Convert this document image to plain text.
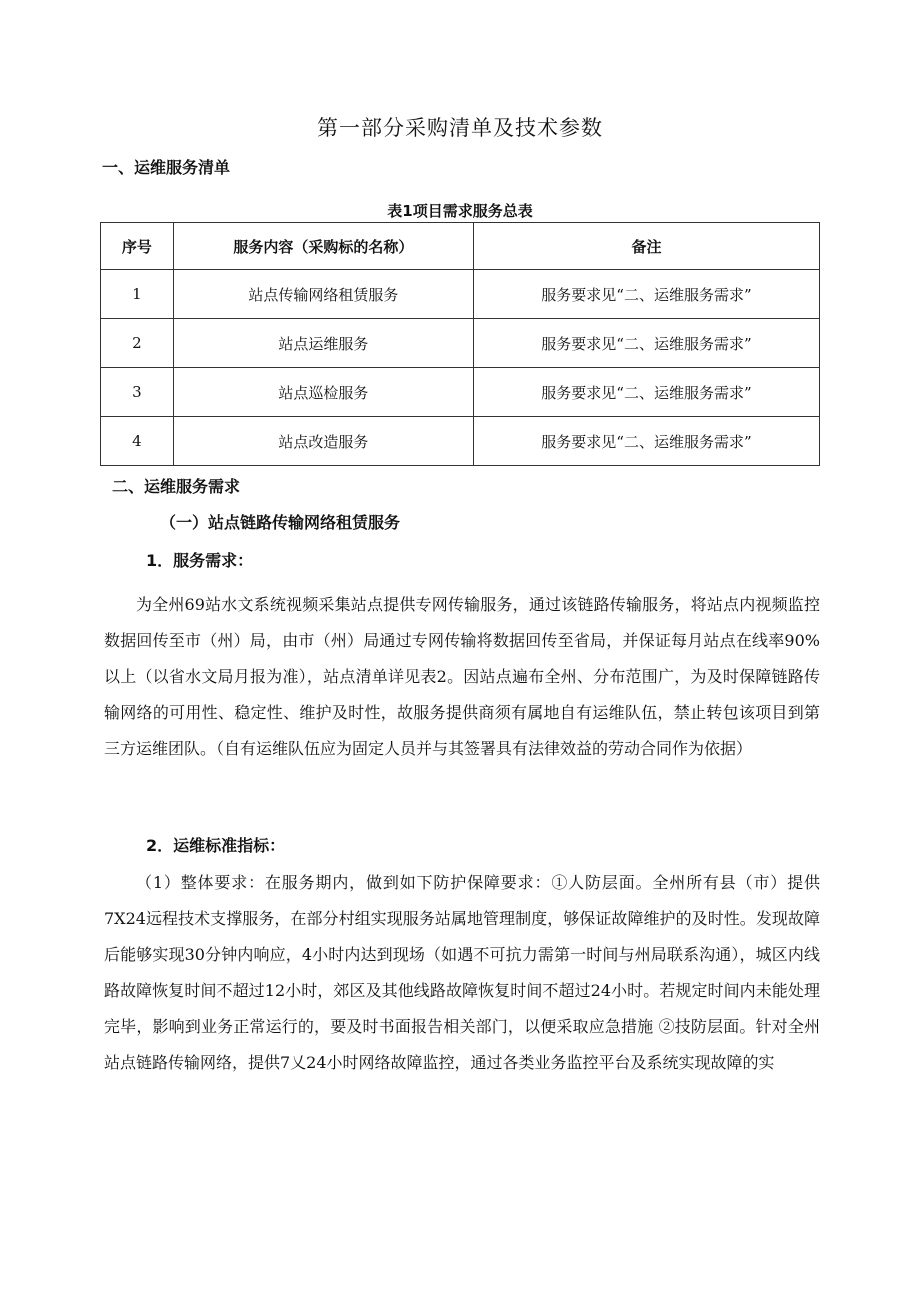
第一部分采购清单及技术参数
一、运维服务清单
表1项目需求服务总表
序号	服务内容（采购标的名称）	备注
1	站点传输网络租赁服务	服务要求见“二、运维服务需求”
2	站点运维服务	服务要求见“二、运维服务需求”
3	站点巡检服务	服务要求见“二、运维服务需求”
4	站点改造服务	服务要求见“二、运维服务需求”
二、运维服务需求
（一）站点链路传输网络租赁服务
1．服务需求：
为全州69站水文系统视频采集站点提供专网传输服务，通过该链路传输服务，将站点内视频监控数据回传至市（州）局，由市（州）局通过专网传输将数据回传至省局，并保证每月站点在线率90%以上（以省水文局月报为准），站点清单详见表2。因站点遍布全州、分布范围广，为及时保障链路传输网络的可用性、稳定性、维护及时性，故服务提供商须有属地自有运维队伍，禁止转包该项目到第三方运维团队。（自有运维队伍应为固定人员并与其签署具有法律效益的劳动合同作为依据）
2．运维标准指标：
（1）整体要求：在服务期内，做到如下防护保障要求：①人防层面。全州所有县（市）提供7X24远程技术支撑服务，在部分村组实现服务站属地管理制度，够保证故障维护的及时性。发现故障后能够实现30分钟内响应，4小时内达到现场（如遇不可抗力需第一时间与州局联系沟通），城区内线路故障恢复时间不超过12小时，郊区及其他线路故障恢复时间不超过24小时。若规定时间内未能处理完毕，影响到业务正常运行的，要及时书面报告相关部门，以便采取应急措施 ②技防层面。针对全州站点链路传输网络，提供7乂24小时网络故障监控，通过各类业务监控平台及系统实现故障的实
